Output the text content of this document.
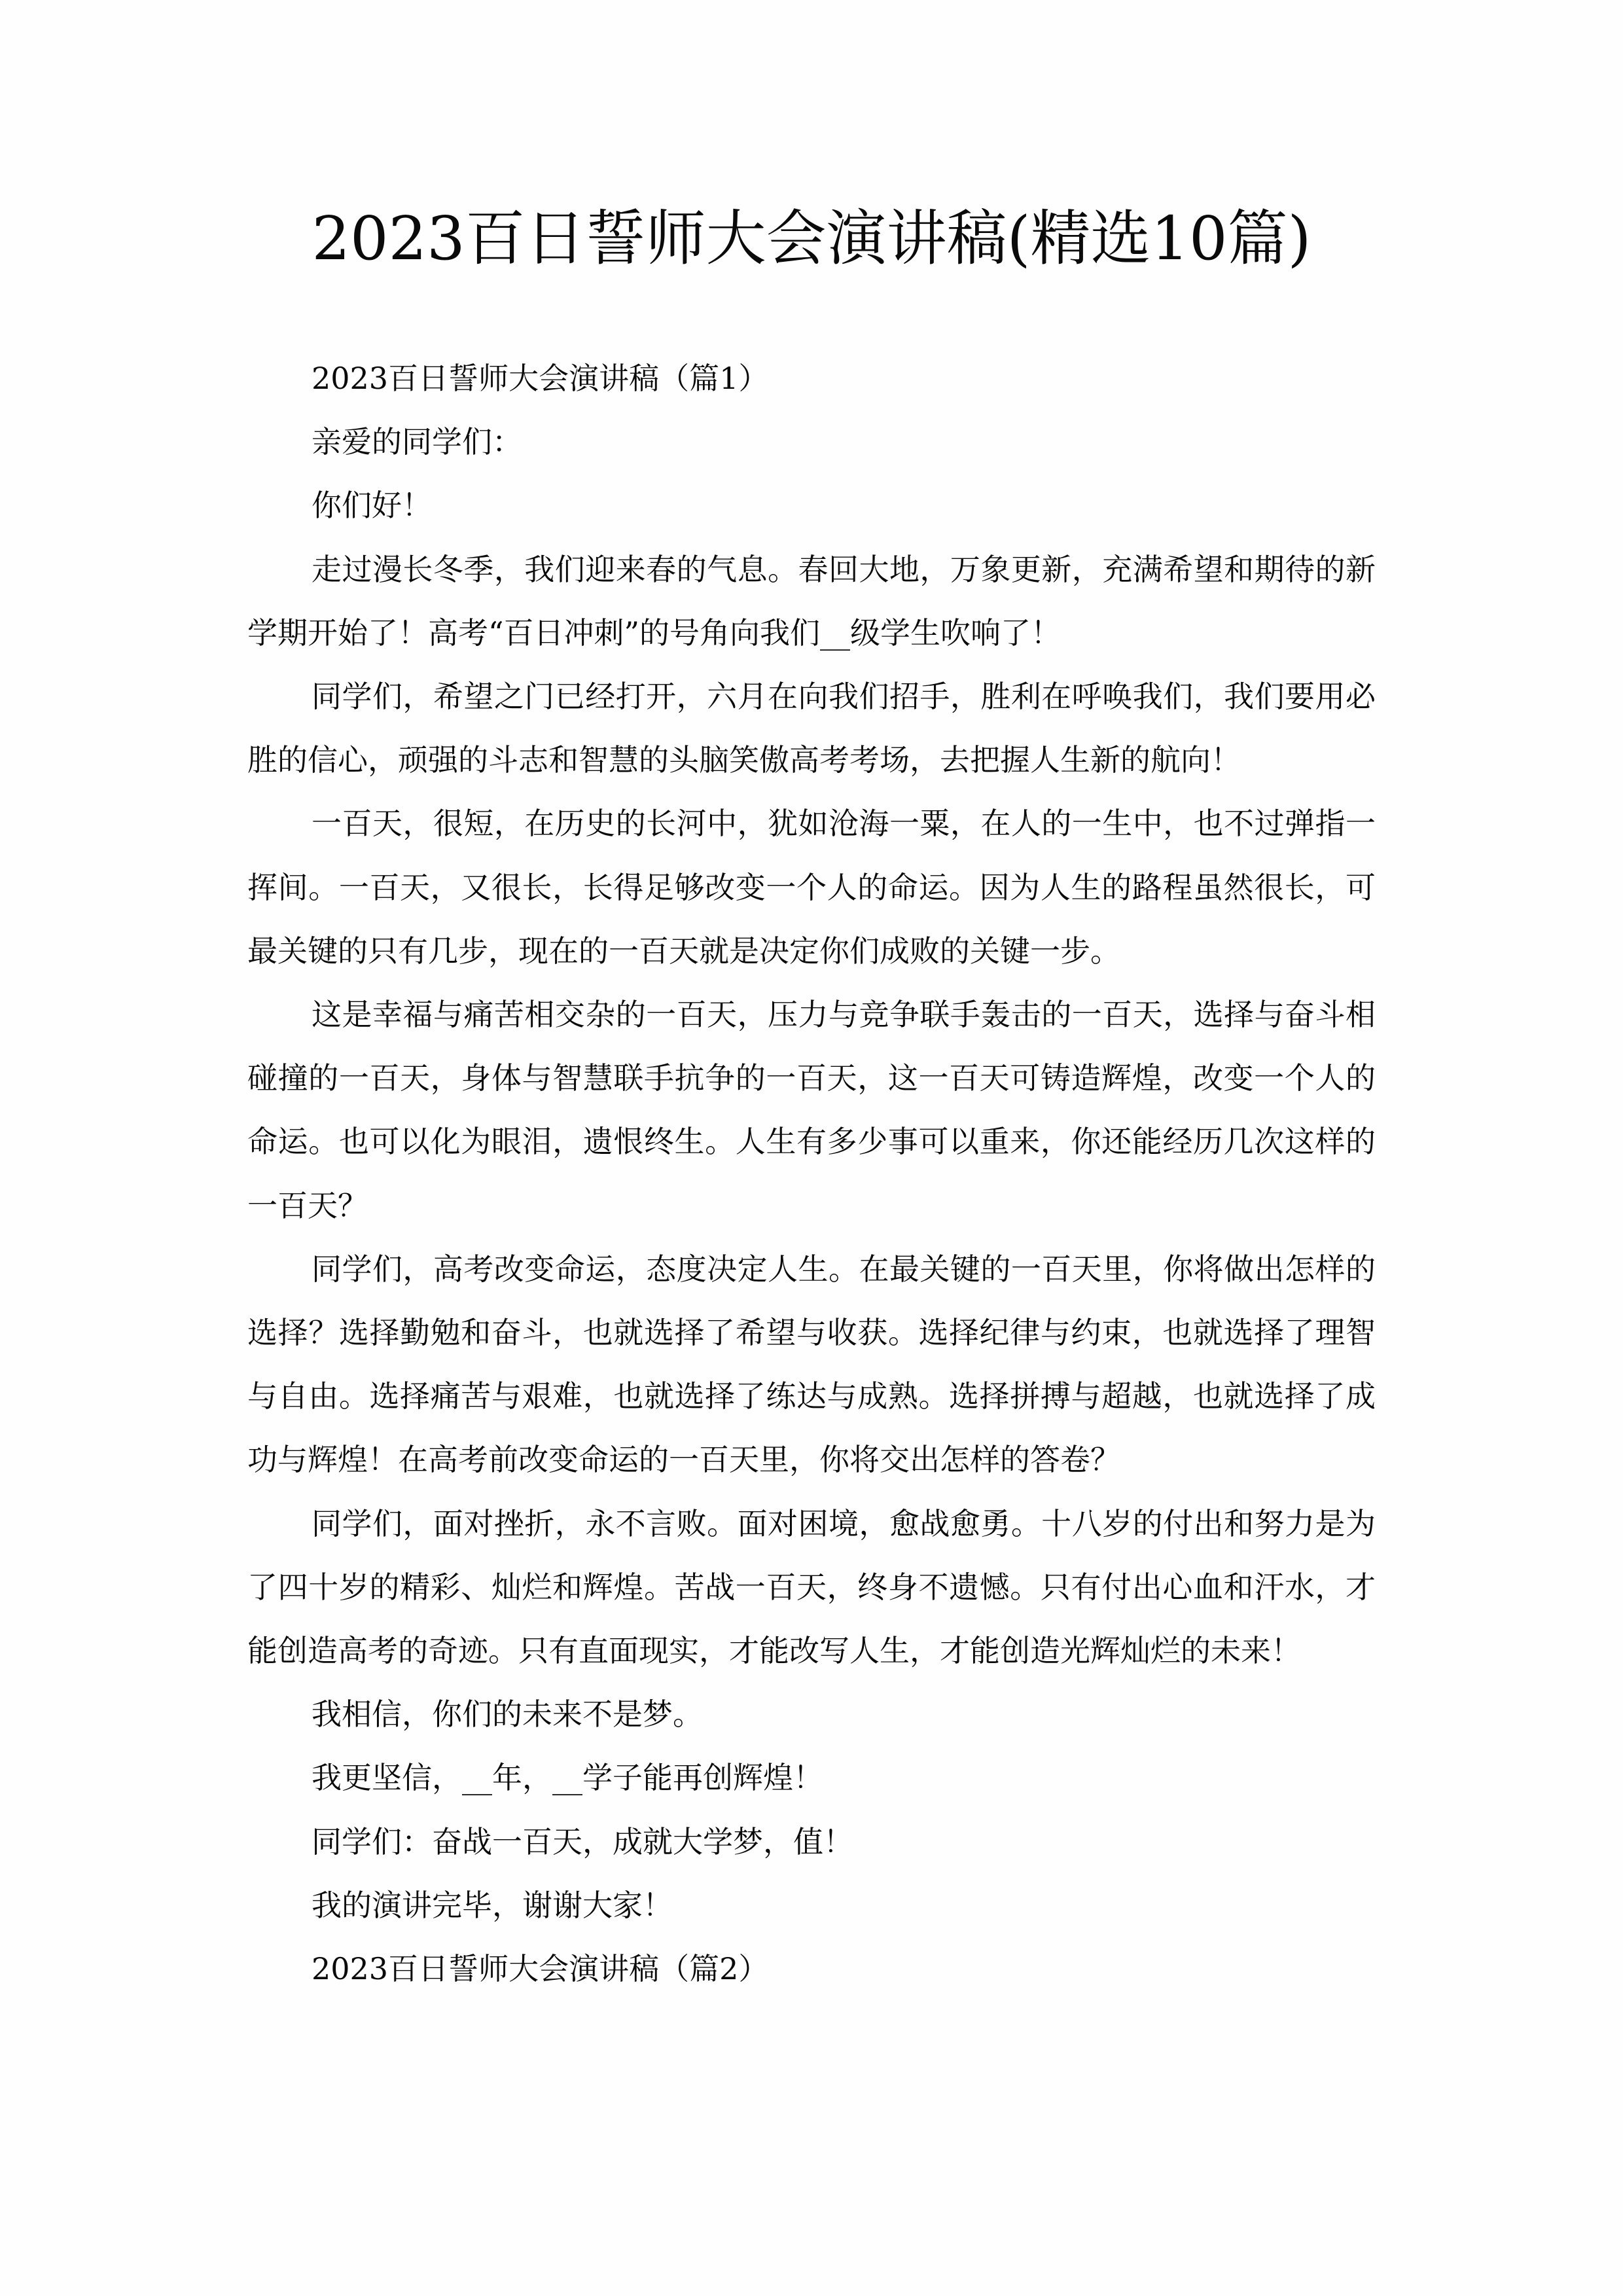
2023百日誓师大会演讲稿(精选10篇)

2023百日誓师大会演讲稿（篇1）

亲爱的同学们：

你们好！

走过漫长冬季，我们迎来春的气息。春回大地，万象更新，充满希望和期待的新学期开始了！高考“百日冲刺”的号角向我们__级学生吹响了！

同学们，希望之门已经打开，六月在向我们招手，胜利在呼唤我们，我们要用必胜的信心，顽强的斗志和智慧的头脑笑傲高考考场，去把握人生新的航向！

一百天，很短，在历史的长河中，犹如沧海一粟，在人的一生中，也不过弹指一挥间。一百天，又很长，长得足够改变一个人的命运。因为人生的路程虽然很长，可最关键的只有几步，现在的一百天就是决定你们成败的关键一步。

这是幸福与痛苦相交杂的一百天，压力与竞争联手轰击的一百天，选择与奋斗相碰撞的一百天，身体与智慧联手抗争的一百天，这一百天可铸造辉煌，改变一个人的命运。也可以化为眼泪，遗恨终生。人生有多少事可以重来，你还能经历几次这样的一百天？

同学们，高考改变命运，态度决定人生。在最关键的一百天里，你将做出怎样的选择？选择勤勉和奋斗，也就选择了希望与收获。选择纪律与约束，也就选择了理智与自由。选择痛苦与艰难，也就选择了练达与成熟。选择拼搏与超越，也就选择了成功与辉煌！在高考前改变命运的一百天里，你将交出怎样的答卷？

同学们，面对挫折，永不言败。面对困境，愈战愈勇。十八岁的付出和努力是为了四十岁的精彩、灿烂和辉煌。苦战一百天，终身不遗憾。只有付出心血和汗水，才能创造高考的奇迹。只有直面现实，才能改写人生，才能创造光辉灿烂的未来！

我相信，你们的未来不是梦。

我更坚信，__年，__学子能再创辉煌！

同学们：奋战一百天，成就大学梦，值！

我的演讲完毕，谢谢大家！

2023百日誓师大会演讲稿（篇2）
